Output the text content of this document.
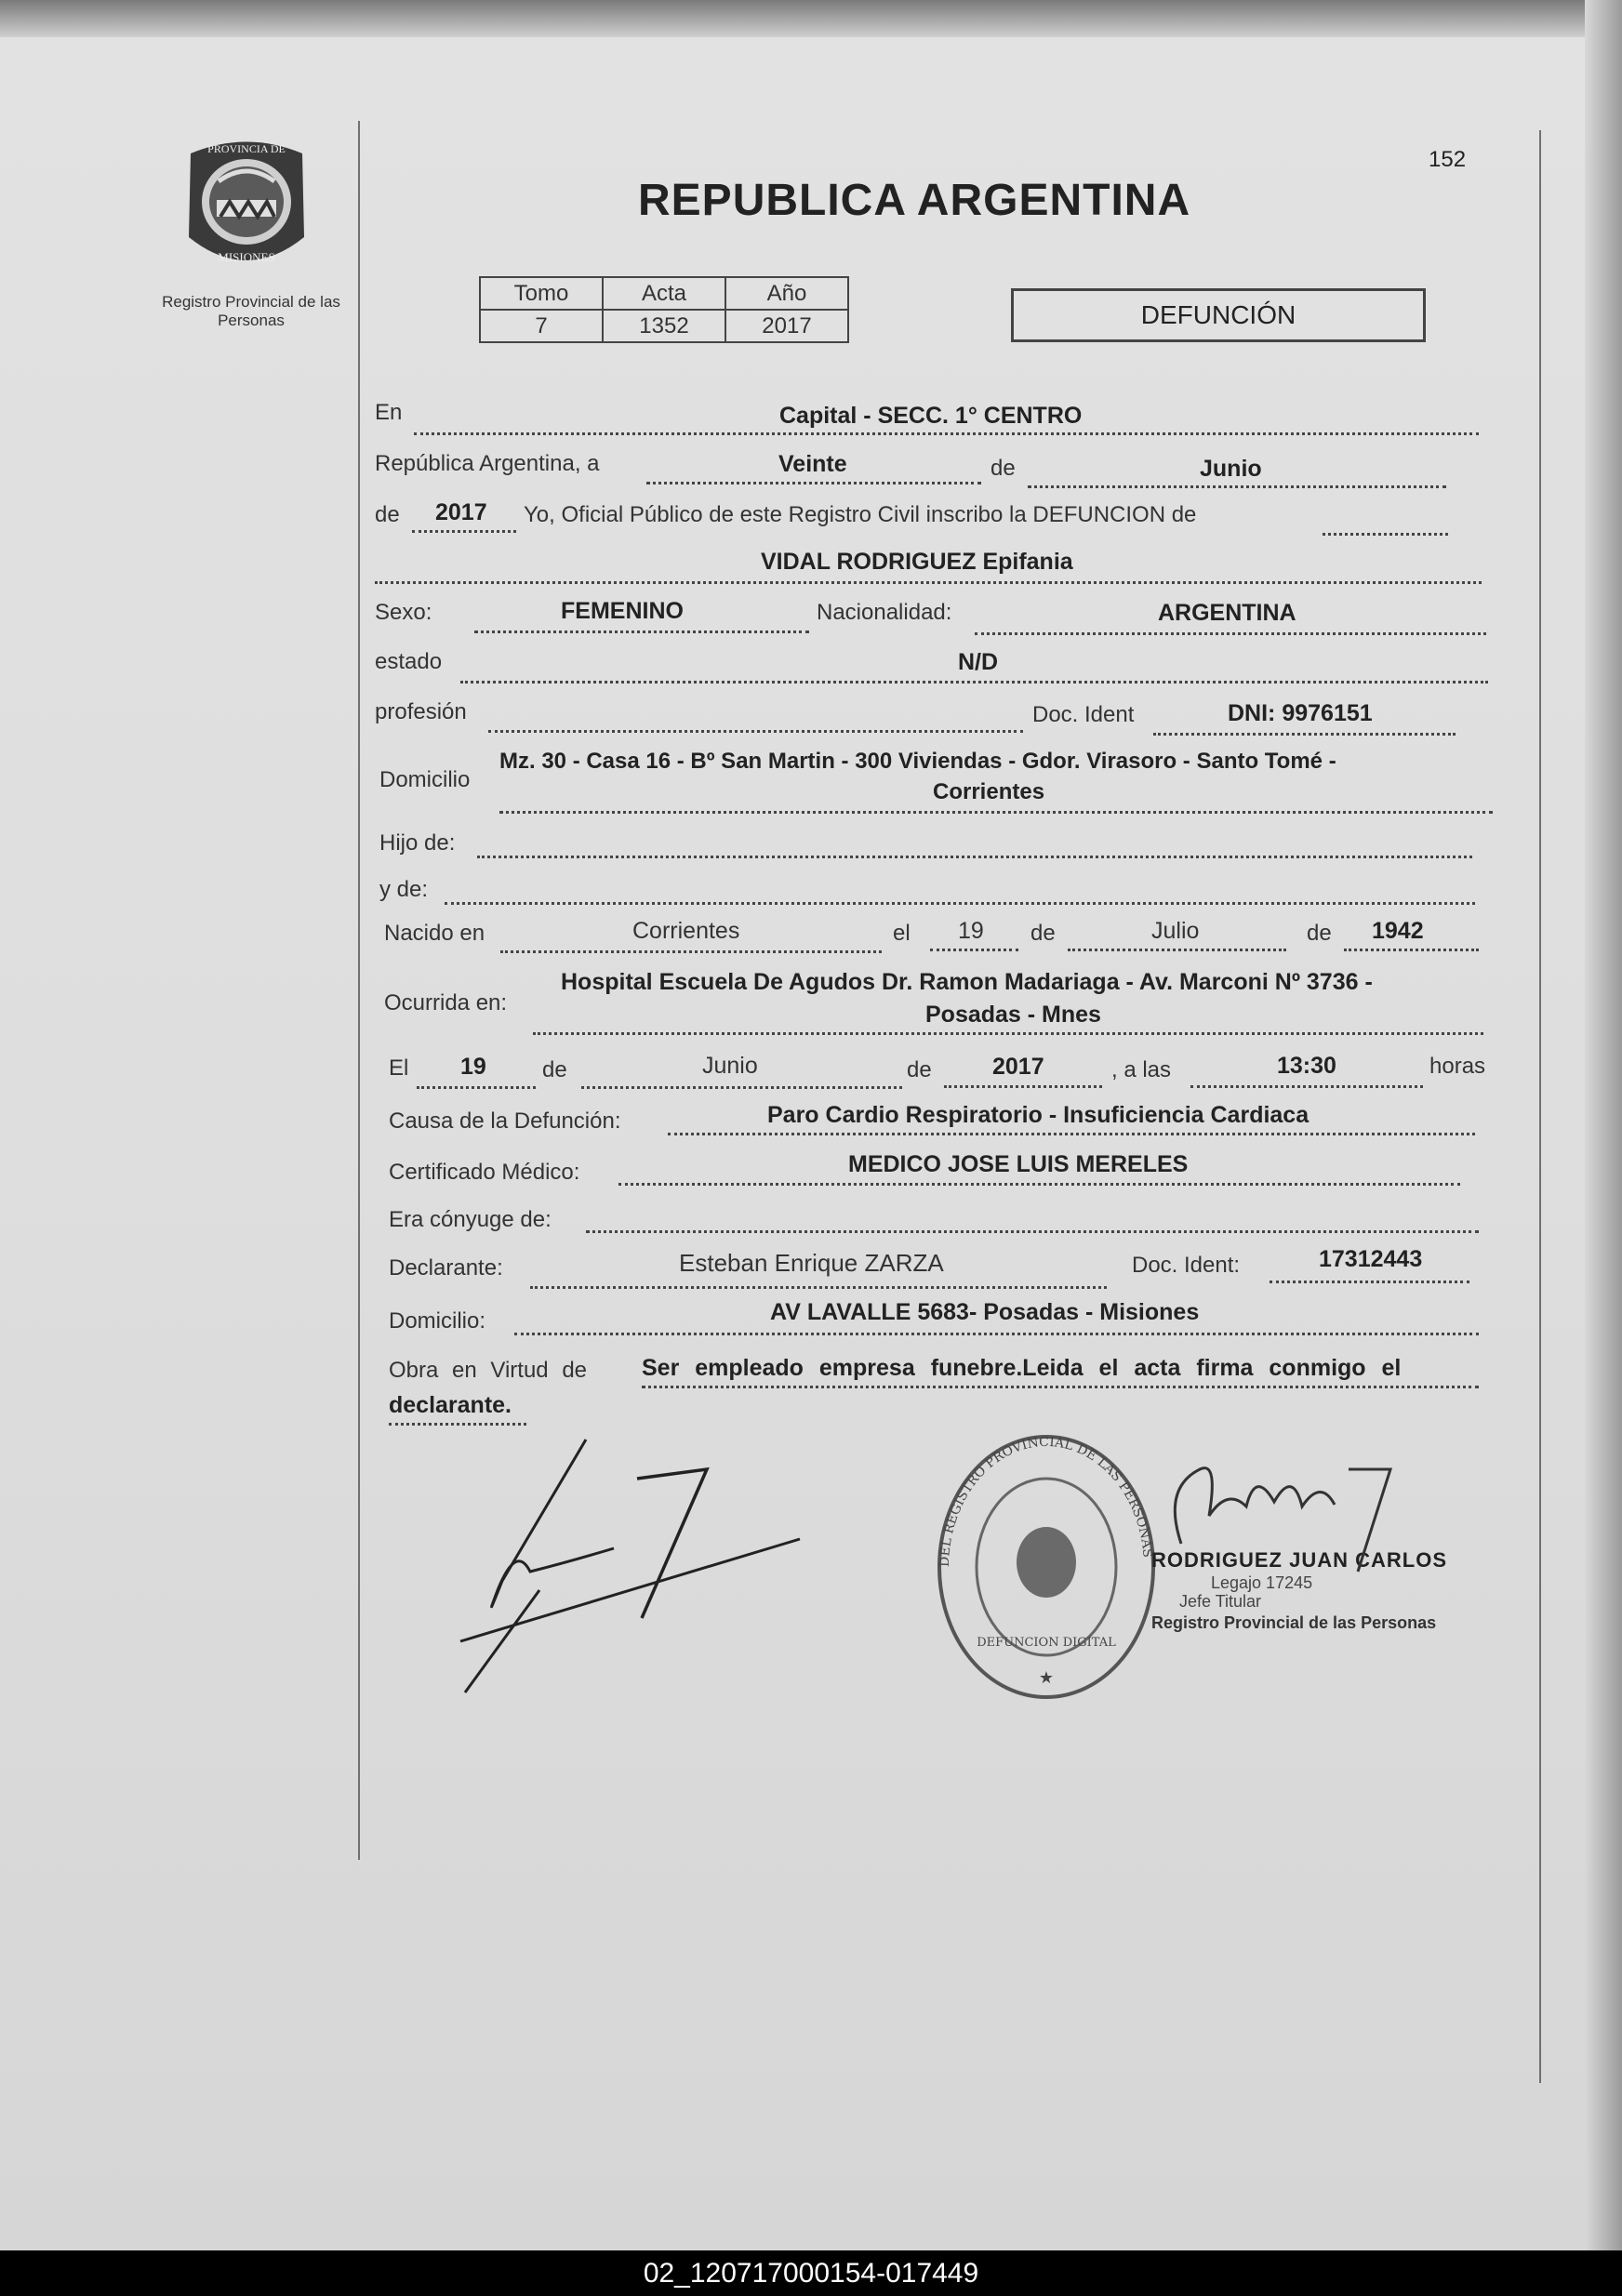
PROVINCIA DE
MISIONES
Registro Provincial de las Personas
152
REPUBLICA ARGENTINA
Tomo	Acta	Año
7	1352	2017	DEFUNCIÓN
En	Capital - SECC. 1° CENTRO
República Argentina, a	Veinte	de	Junio
de 2017 Yo, Oficial Público de este Registro Civil inscribo la DEFUNCION de
VIDAL RODRIGUEZ Epifania
Sexo:	FEMENINO	Nacionalidad:	ARGENTINA
estado	N/D
profesión	Doc. Ident	DNI: 9976151
Domicilio
Mz. 30 - Casa 16 - Bº San Martin - 300 Viviendas - Gdor. Virasoro - Santo Tomé -
Corrientes
Hijo de:
y de:
Nacido en	Corrientes	el 19 de	Julio	de 1942
Ocurrida en:
Hospital Escuela De Agudos Dr. Ramon Madariaga - Av. Marconi Nº 3736 -
Posadas - Mnes
El 19	de	Junio	de	2017	, a las	13:30	horas
Causa de la Defunción:	Paro Cardio Respiratorio - Insuficiencia Cardiaca
Certificado Médico:	MEDICO JOSE LUIS MERELES
Era cónyuge de:
Declarante:	Esteban Enrique ZARZA	Doc. Ident:	17312443
Domicilio:	AV LAVALLE 5683- Posadas - Misiones
Obra en Virtud de Ser empleado empresa funebre.Leida el acta firma conmigo el
declarante.
DEL REGISTRO PROVINCIAL DE LAS PERSONAS
DEFUNCION DIGITAL
★
RODRIGUEZ JUAN CARLOS
Legajo 17245
Jefe Titular
Registro Provincial de las Personas
02_120717000154-017449
